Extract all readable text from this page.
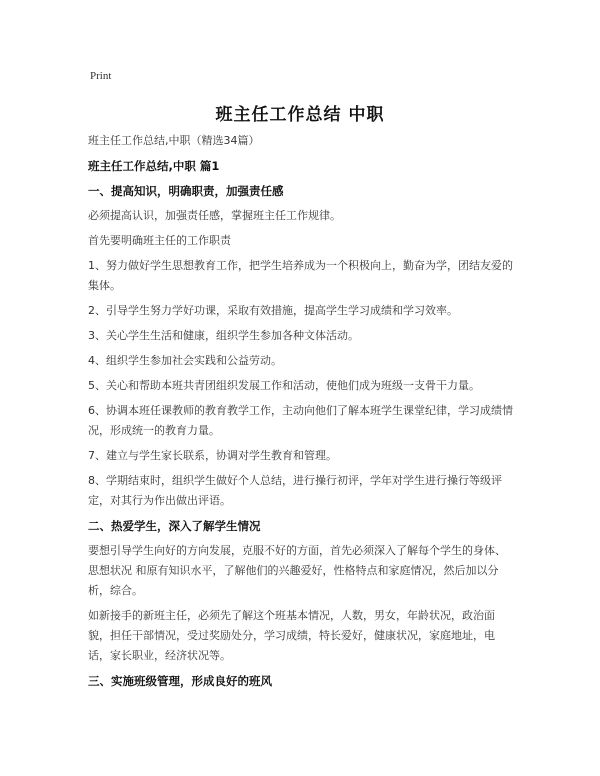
Print
班主任工作总结 中职

班主任工作总结,中职（精选34篇）

班主任工作总结,中职 篇1

一、提高知识，明确职责，加强责任感

必须提高认识，加强责任感，掌握班主任工作规律。

首先要明确班主任的工作职责

1、努力做好学生思想教育工作，把学生培养成为一个积极向上，勤奋为学，团结友爱的集体。

2、引导学生努力学好功课，采取有效措施，提高学生学习成绩和学习效率。

3、关心学生生活和健康，组织学生参加各种文体活动。

4、组织学生参加社会实践和公益劳动。

5、关心和帮助本班共青团组织发展工作和活动，使他们成为班级一支骨干力量。

6、协调本班任课教师的教育教学工作，主动向他们了解本班学生课堂纪律，学习成绩情况，形成统一的教育力量。

7、建立与学生家长联系，协调对学生教育和管理。

8、学期结束时，组织学生做好个人总结，进行操行初评，学年对学生进行操行等级评定，对其行为作出做出评语。

二、热爱学生，深入了解学生情况

要想引导学生向好的方向发展，克服不好的方面，首先必须深入了解每个学生的身体、思想状况 和原有知识水平，了解他们的兴趣爱好，性格特点和家庭情况，然后加以分析，综合。

如新接手的新班主任，必须先了解这个班基本情况，人数，男女，年龄状况，政治面貌，担任干部情况，受过奖励处分，学习成绩，特长爱好，健康状况，家庭地址，电话，家长职业，经济状况等。

三、实施班级管理，形成良好的班风
